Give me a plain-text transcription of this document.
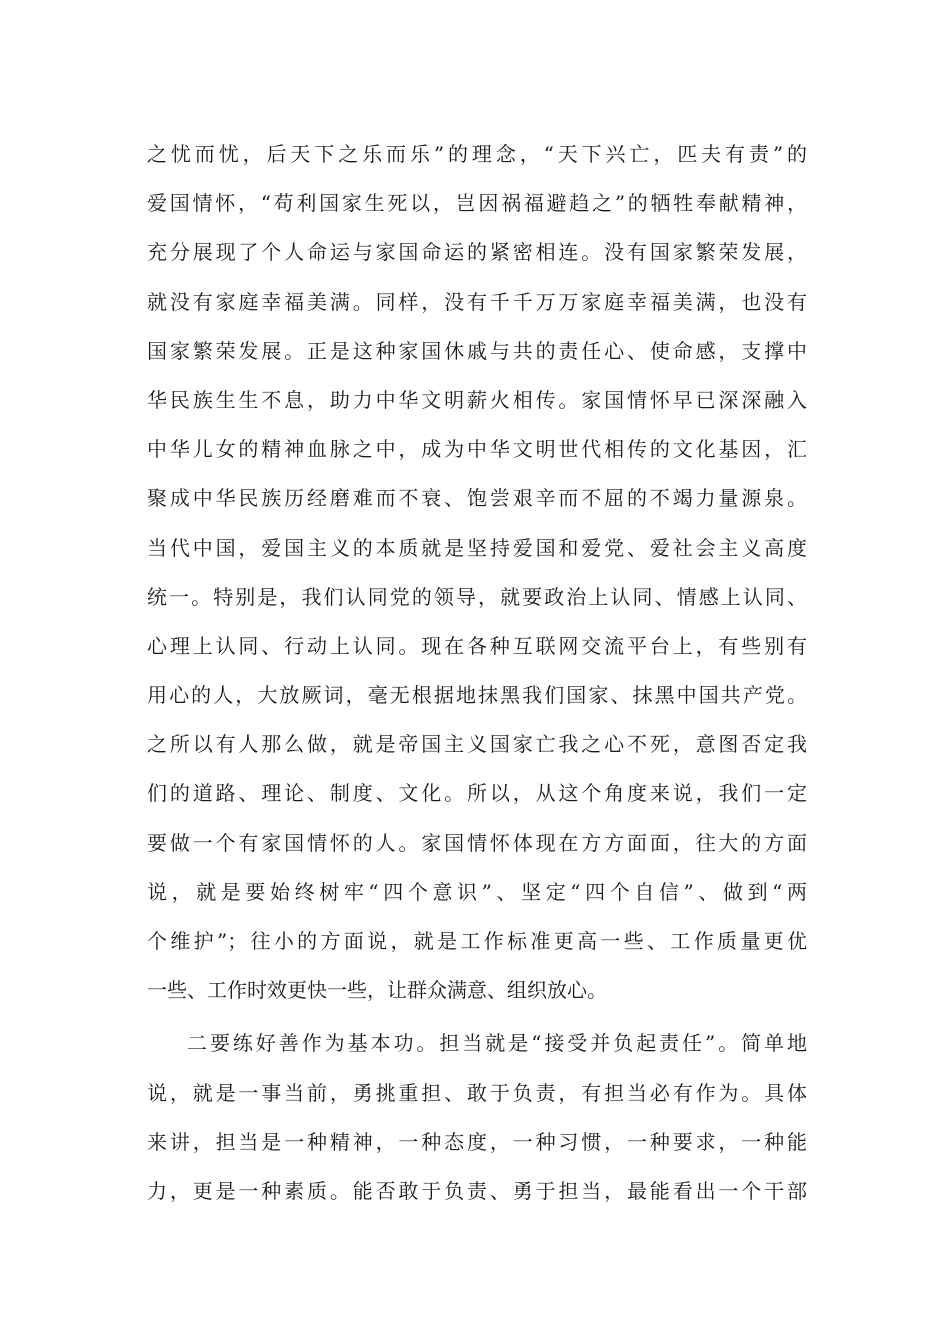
之忧而忧，后天下之乐而乐”的理念，“天下兴亡，匹夫有责”的
爱国情怀，“苟利国家生死以，岂因祸福避趋之”的牺牲奉献精神，
充分展现了个人命运与家国命运的紧密相连。没有国家繁荣发展，
就没有家庭幸福美满。同样，没有千千万万家庭幸福美满，也没有
国家繁荣发展。正是这种家国休戚与共的责任心、使命感，支撑中
华民族生生不息，助力中华文明薪火相传。家国情怀早已深深融入
中华儿女的精神血脉之中，成为中华文明世代相传的文化基因，汇
聚成中华民族历经磨难而不衰、饱尝艰辛而不屈的不竭力量源泉。
当代中国，爱国主义的本质就是坚持爱国和爱党、爱社会主义高度
统一。特别是，我们认同党的领导，就要政治上认同、情感上认同、
心理上认同、行动上认同。现在各种互联网交流平台上，有些别有
用心的人，大放厥词，毫无根据地抹黑我们国家、抹黑中国共产党。
之所以有人那么做，就是帝国主义国家亡我之心不死，意图否定我
们的道路、理论、制度、文化。所以，从这个角度来说，我们一定
要做一个有家国情怀的人。家国情怀体现在方方面面，往大的方面
说，就是要始终树牢“四个意识”、坚定“四个自信”、做到“两
个维护”；往小的方面说，就是工作标准更高一些、工作质量更优
一些、工作时效更快一些，让群众满意、组织放心。
二要练好善作为基本功。担当就是“接受并负起责任”。简单地
说，就是一事当前，勇挑重担、敢于负责，有担当必有作为。具体
来讲，担当是一种精神，一种态度，一种习惯，一种要求，一种能
力，更是一种素质。能否敢于负责、勇于担当，最能看出一个干部
